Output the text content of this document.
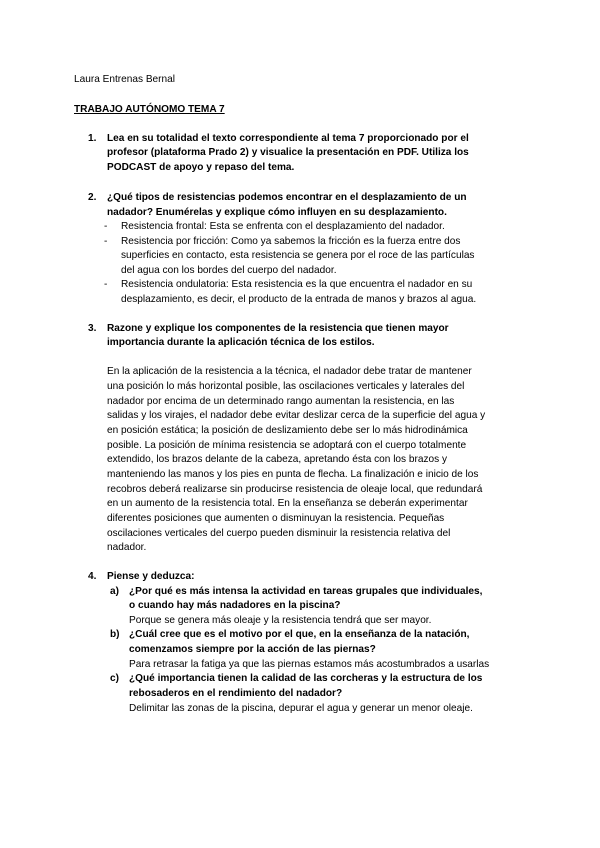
Laura Entrenas Bernal
TRABAJO AUTÓNOMO TEMA 7
1. Lea en su totalidad el texto correspondiente al tema 7 proporcionado por el
profesor (plataforma Prado 2) y visualice la presentación en PDF. Utiliza los
PODCAST de apoyo y repaso del tema.
2. ¿Qué tipos de resistencias podemos encontrar en el desplazamiento de un
nadador? Enumérelas y explique cómo influyen en su desplazamiento.
- Resistencia frontal: Esta se enfrenta con el desplazamiento del nadador.
- Resistencia por fricción: Como ya sabemos la fricción es la fuerza entre dos
superficies en contacto, esta resistencia se genera por el roce de las partículas
del agua con los bordes del cuerpo del nadador.
- Resistencia ondulatoria: Esta resistencia es la que encuentra el nadador en su
desplazamiento, es decir, el producto de la entrada de manos y brazos al agua.
3. Razone y explique los componentes de la resistencia que tienen mayor
importancia durante la aplicación técnica de los estilos.
En la aplicación de la resistencia a la técnica, el nadador debe tratar de mantener
una posición lo más horizontal posible, las oscilaciones verticales y laterales del
nadador por encima de un determinado rango aumentan la resistencia, en las
salidas y los virajes, el nadador debe evitar deslizar cerca de la superficie del agua y
en posición estática; la posición de deslizamiento debe ser lo más hidrodinámica
posible. La posición de mínima resistencia se adoptará con el cuerpo totalmente
extendido, los brazos delante de la cabeza, apretando ésta con los brazos y
manteniendo las manos y los pies en punta de flecha. La finalización e inicio de los
recobros deberá realizarse sin producirse resistencia de oleaje local, que redundará
en un aumento de la resistencia total. En la enseñanza se deberán experimentar
diferentes posiciones que aumenten o disminuyan la resistencia. Pequeñas
oscilaciones verticales del cuerpo pueden disminuir la resistencia relativa del
nadador.
4. Piense y deduzca:
a) ¿Por qué es más intensa la actividad en tareas grupales que individuales,
o cuando hay más nadadores en la piscina?
Porque se genera más oleaje y la resistencia tendrá que ser mayor.
b) ¿Cuál cree que es el motivo por el que, en la enseñanza de la natación,
comenzamos siempre por la acción de las piernas?
Para retrasar la fatiga ya que las piernas estamos más acostumbrados a usarlas
c) ¿Qué importancia tienen la calidad de las corcheras y la estructura de los
rebosaderos en el rendimiento del nadador?
Delimitar las zonas de la piscina, depurar el agua y generar un menor oleaje.
